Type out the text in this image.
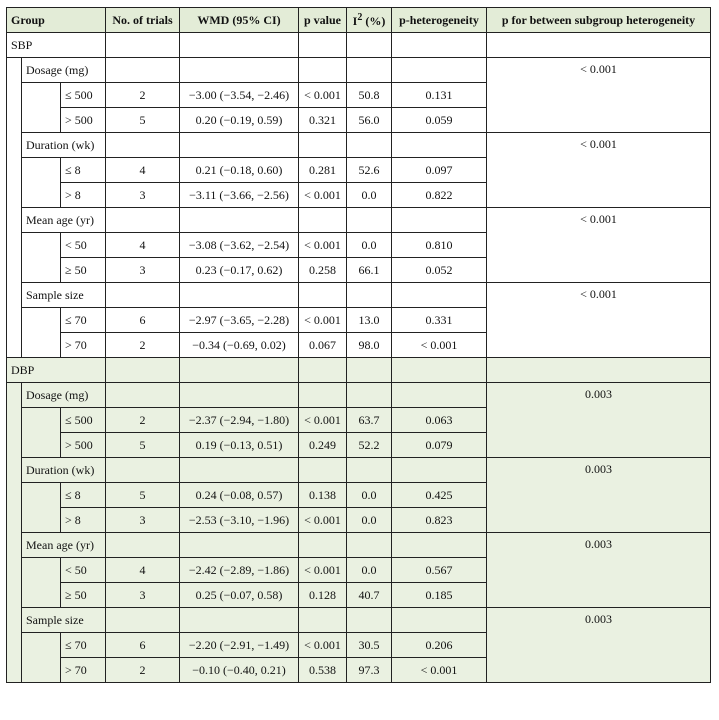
Group			No. of trials	WMD (95% CI)	p value	$I^2$ (%)	p-heterogeneity	p for between subgroup heterogeneity
SBP								
	Dosage (mg)							< 0.001
		≤ 500	2	−3.00 (−3.54, −2.46)	< 0.001	50.8	0.131	
		> 500	5	0.20 (−0.19, 0.59)	0.321	56.0	0.059	
	Duration (wk)							< 0.001
		≤ 8	4	0.21 (−0.18, 0.60)	0.281	52.6	0.097	
		> 8	3	−3.11 (−3.66, −2.56)	< 0.001	0.0	0.822	
	Mean age (yr)							< 0.001
		< 50	4	−3.08 (−3.62, −2.54)	< 0.001	0.0	0.810	
		≥ 50	3	0.23 (−0.17, 0.62)	0.258	66.1	0.052	
	Sample size							< 0.001
		≤ 70	6	−2.97 (−3.65, −2.28)	< 0.001	13.0	0.331	
		> 70	2	−0.34 (−0.69, 0.02)	0.067	98.0	< 0.001	
DBP								
	Dosage (mg)							0.003
		≤ 500	2	−2.37 (−2.94, −1.80)	< 0.001	63.7	0.063	
		> 500	5	0.19 (−0.13, 0.51)	0.249	52.2	0.079	
	Duration (wk)							0.003
		≤ 8	5	0.24 (−0.08, 0.57)	0.138	0.0	0.425	
		> 8	3	−2.53 (−3.10, −1.96)	< 0.001	0.0	0.823	
	Mean age (yr)							0.003
		< 50	4	−2.42 (−2.89, −1.86)	< 0.001	0.0	0.567	
		≥ 50	3	0.25 (−0.07, 0.58)	0.128	40.7	0.185	
	Sample size							0.003
		≤ 70	6	−2.20 (−2.91, −1.49)	< 0.001	30.5	0.206	
		> 70	2	−0.10 (−0.40, 0.21)	0.538	97.3	< 0.001	
